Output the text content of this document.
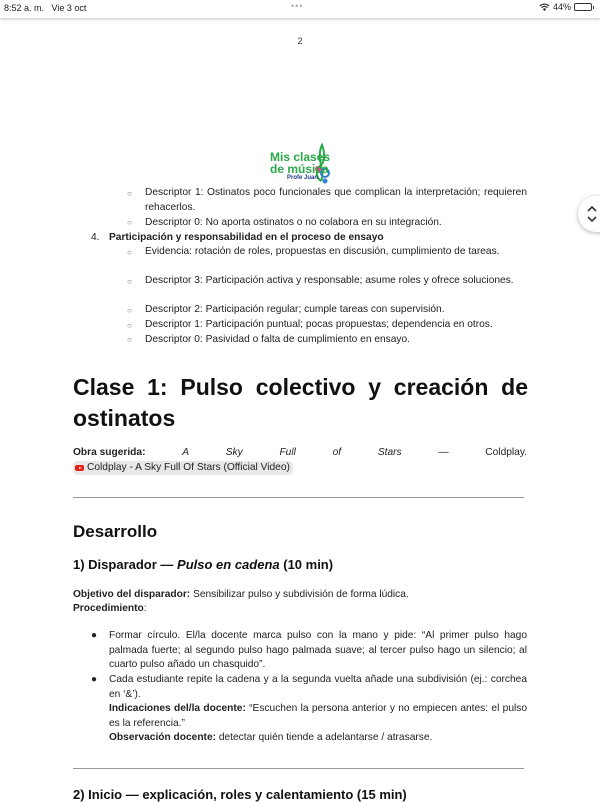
8:52 a. m. Vie 3 oct	•••	44%
2
Mis clases
de música
Profe Juan
○ Descriptor 1: Ostinatos poco funcionales que complican la interpretación; requieren rehacerlos.
○ Descriptor 0: No aporta ostinatos o no colabora en su integración.
4. Participación y responsabilidad en el proceso de ensayo
○ Evidencia: rotación de roles, propuestas en discusión, cumplimiento de tareas.
○ Descriptor 3: Participación activa y responsable; asume roles y ofrece soluciones.
○ Descriptor 2: Participación regular; cumple tareas con supervisión.
○ Descriptor 1: Participación puntual; pocas propuestas; dependencia en otros.
○ Descriptor 0: Pasividad o falta de cumplimiento en ensayo.
Clase 1: Pulso colectivo y creación de ostinatos
Obra sugerida:	A	Sky	Full	of	Stars	—	Coldplay.
Coldplay - A Sky Full Of Stars (Official Video)
Desarrollo
1) Disparador — Pulso en cadena (10 min)
Objetivo del disparador: Sensibilizar pulso y subdivisión de forma lúdica.
Procedimiento:
● Formar círculo. El/la docente marca pulso con la mano y pide: “Al primer pulso hago palmada fuerte; al segundo pulso hago palmada suave; al tercer pulso hago un silencio; al cuarto pulso añado un chasquido”.
● Cada estudiante repite la cadena y a la segunda vuelta añade una subdivisión (ej.: corchea en ‘&’).
Indicaciones del/la docente: “Escuchen la persona anterior y no empiecen antes: el pulso es la referencia.”
Observación docente: detectar quién tiende a adelantarse / atrasarse.
2) Inicio — explicación, roles y calentamiento (15 min)
